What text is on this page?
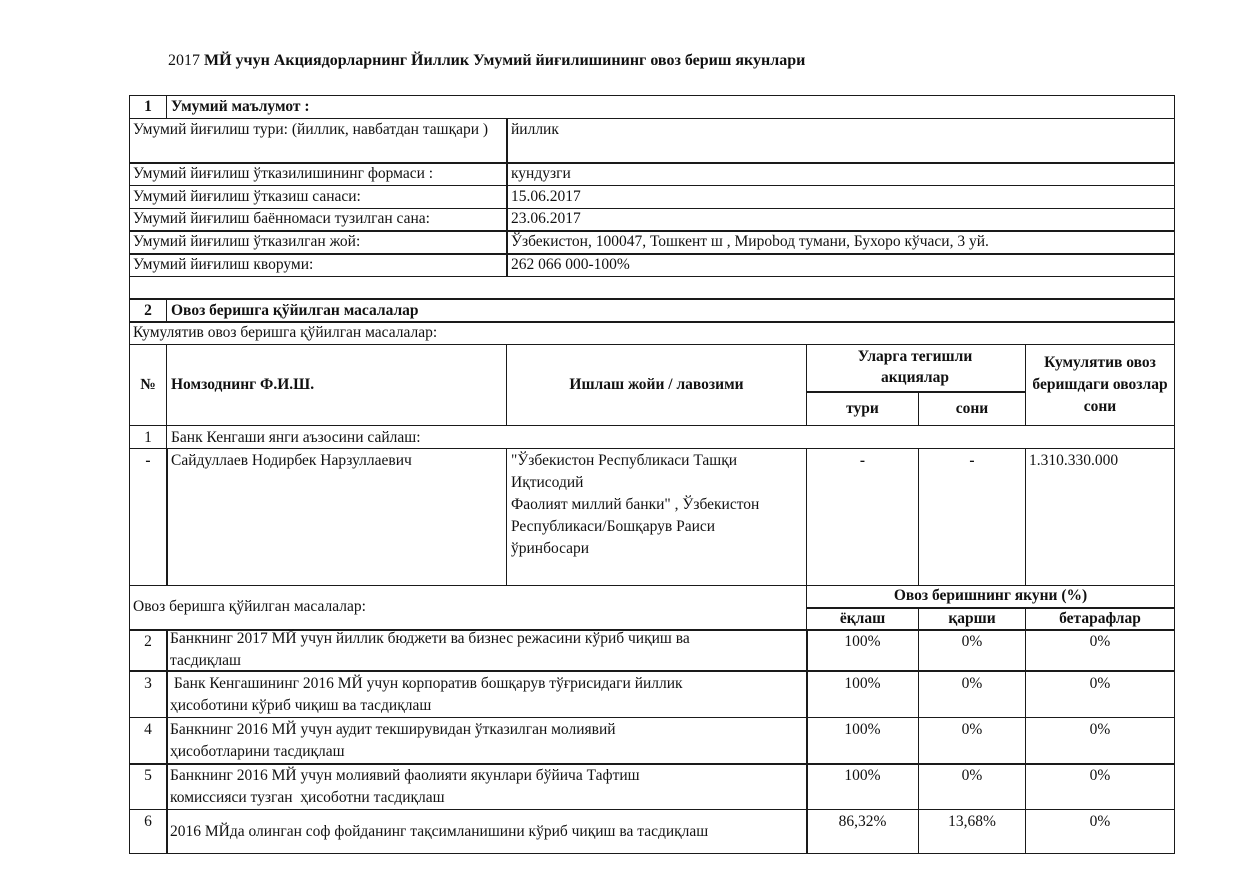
2017 МЙ учун Акциядорларнинг Йиллик Умумий йиғилишининг овоз бериш якунлари
1	Умумий маълумот :
Умумий йиғилиш тури: (йиллик, навбатдан ташқари )	йиллик
Умумий йиғилиш ўтказилишининг формаси :	кундузги
Умумий йиғилиш ўтказиш санаси:	15.06.2017
Умумий йиғилиш баённомаси тузилган сана:	23.06.2017
Умумий йиғилиш ўтказилган жой:	Ўзбекистон, 100047, Тошкент ш , Мирobод тумани, Бухоро кўчаси, 3 уй.
Умумий йиғилиш кворуми:	262 066 000-100%
2	Овоз беришга қўйилган масалалар
Кумулятив овоз беришга қўйилган масалалар:
№ Номзоднинг Ф.И.Ш.	Ишлаш жойи / лавозими
Уларга тегишли акциялар
тури	сони
Кумулятив овоз беришдаги овозлар сони
1	Банк Кенгаши янги аъзосини сайлаш:
-	Сайдуллаев Нодирбек Нарзуллаевич	"Ўзбекистон Республикаси Ташқи
Иқтисодий
Фаолият миллий банки" , Ўзбекистон
Республикаси/Бошқарув Раиси
ўринбосари
-	-	1.310.330.000
Овоз беришга қўйилган масалалар:
Овоз беришнинг якуни (%)
ёқлаш	қарши	бетарафлар
2	Банкнинг 2017 МЙ учун йиллик бюджети ва бизнес режасини кўриб чиқиш ва
тасдиқлаш
100%	0%	0%
3	Банк Кенгашининг 2016 МЙ учун корпоратив бошқарув тўғрисидаги йиллик
ҳисоботини кўриб чиқиш ва тасдиқлаш
100%	0%	0%
4	Банкнинг 2016 МЙ учун аудит текширувидан ўтказилган молиявий
ҳисоботларини тасдиқлаш
100%	0%	0%
5	Банкнинг 2016 МЙ учун молиявий фаолияти якунлари бўйича Тафтиш
комиссияси тузган  ҳисоботни тасдиқлаш
100%	0%	0%
6
2016 МЙда олинган соф фойданинг тақсимланишини кўриб чиқиш ва тасдиқлаш
86,32%	13,68%	0%
